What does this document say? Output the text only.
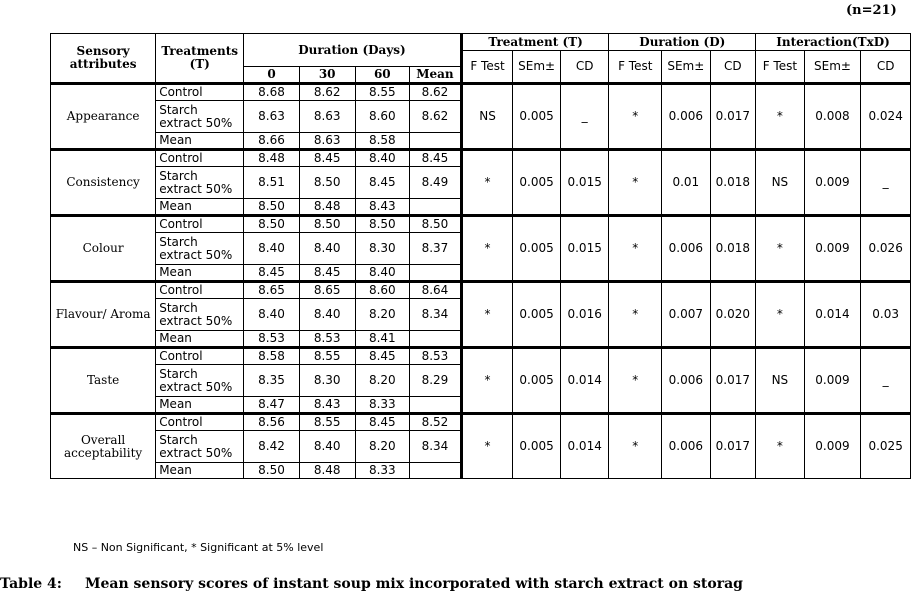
(n=21)
Sensory attributes	Treatments (T)	Duration (Days)				Treatment (T)			Duration (D)			Interaction(TxD)		
						F Test	SEm±	CD	F Test	SEm±	CD	F Test	SEm±	CD
		0	30	60	Mean									
Appearance	Control	8.68	8.62	8.55	8.62	NS	0.005	_	*	0.006	0.017	*	0.008	0.024
	Starch extract 50%	8.63	8.63	8.60	8.62									
	Mean	8.66	8.63	8.58										
Consistency	Control	8.48	8.45	8.40	8.45	*	0.005	0.015	*	0.01	0.018	NS	0.009	_
	Starch extract 50%	8.51	8.50	8.45	8.49									
	Mean	8.50	8.48	8.43										
Colour	Control	8.50	8.50	8.50	8.50	*	0.005	0.015	*	0.006	0.018	*	0.009	0.026
	Starch extract 50%	8.40	8.40	8.30	8.37									
	Mean	8.45	8.45	8.40										
Flavour/ Aroma	Control	8.65	8.65	8.60	8.64	*	0.005	0.016	*	0.007	0.020	*	0.014	0.03
	Starch extract 50%	8.40	8.40	8.20	8.34									
	Mean	8.53	8.53	8.41										
Taste	Control	8.58	8.55	8.45	8.53	*	0.005	0.014	*	0.006	0.017	NS	0.009	_
	Starch extract 50%	8.35	8.30	8.20	8.29									
	Mean	8.47	8.43	8.33										
Overall acceptability	Control	8.56	8.55	8.45	8.52	*	0.005	0.014	*	0.006	0.017	*	0.009	0.025
	Starch extract 50%	8.42	8.40	8.20	8.34									
	Mean	8.50	8.48	8.33										
NS – Non Significant, * Significant at 5% level
Table 4: Mean sensory scores of instant soup mix incorporated with starch extract on storag
